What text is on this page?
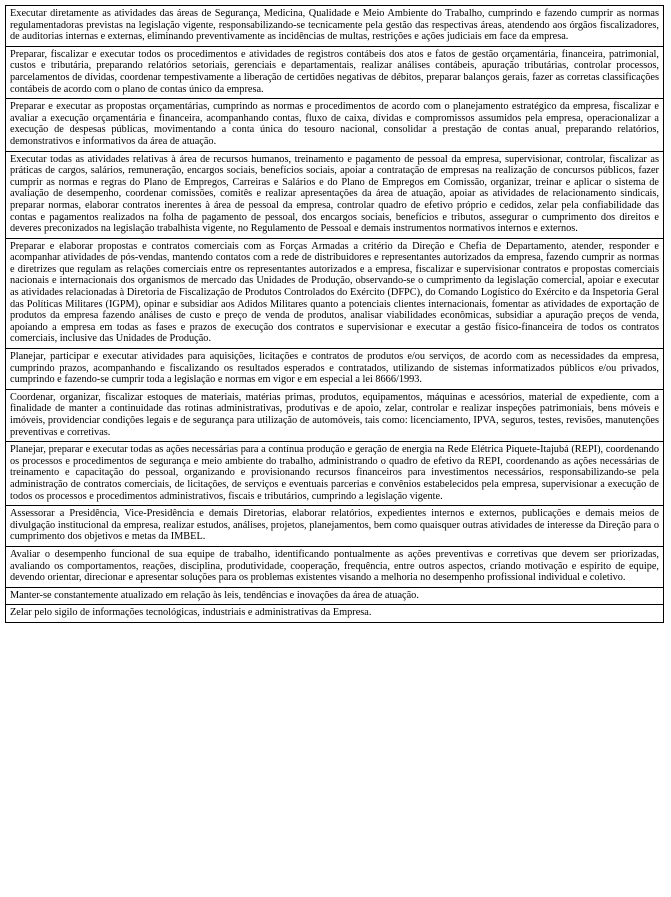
Executar diretamente as atividades das áreas de Segurança, Medicina, Qualidade e Meio Ambiente do Trabalho, cumprindo e fazendo cumprir as normas regulamentadoras previstas na legislação vigente, responsabilizando-se tecnicamente pela gestão das respectivas áreas, atendendo aos órgãos fiscalizadores, de auditorias internas e externas, eliminando preventivamente as incidências de multas, restrições e ações judiciais em face da empresa.
Preparar, fiscalizar e executar todos os procedimentos e atividades de registros contábeis dos atos e fatos de gestão orçamentária, financeira, patrimonial, custos e tributária, preparando relatórios setoriais, gerenciais e departamentais, realizar análises contábeis, apuração tributárias, controlar processos, parcelamentos de dívidas, coordenar tempestivamente a liberação de certidões negativas de débitos, preparar balanços gerais, fazer as corretas classificações contábeis de acordo com o plano de contas único da empresa.
Preparar e executar as propostas orçamentárias, cumprindo as normas e procedimentos de acordo com o planejamento estratégico da empresa, fiscalizar e avaliar a execução orçamentária e financeira, acompanhando contas, fluxo de caixa, dívidas e compromissos assumidos pela empresa, operacionalizar a execução de despesas públicas, movimentando a conta única do tesouro nacional, consolidar a prestação de contas anual, preparando relatórios, demonstrativos e informativos da área de atuação.
Executar todas as atividades relativas à área de recursos humanos, treinamento e pagamento de pessoal da empresa, supervisionar, controlar, fiscalizar as práticas de cargos, salários, remuneração, encargos sociais, benefícios sociais, apoiar a contratação de empresas na realização de concursos públicos, fazer cumprir as normas e regras do Plano de Empregos, Carreiras e Salários e do Plano de Empregos em Comissão, organizar, treinar e aplicar o sistema de avaliação de desempenho, coordenar comissões, comitês e realizar apresentações da área de atuação, apoiar as atividades de relacionamento sindicais, preparar normas, elaborar contratos inerentes à área de pessoal da empresa, controlar quadro de efetivo próprio e cedidos, zelar pela confiabilidade das contas e pagamentos realizados na folha de pagamento de pessoal, dos encargos sociais, benefícios e tributos, assegurar o cumprimento dos direitos e deveres preconizados na legislação trabalhista vigente, no Regulamento de Pessoal e demais instrumentos normativos internos e externos.
Preparar e elaborar propostas e contratos comerciais com as Forças Armadas a critério da Direção e Chefia de Departamento, atender, responder e acompanhar atividades de pós-vendas, mantendo contatos com a rede de distribuidores e representantes autorizados da empresa, fazendo cumprir as normas e diretrizes que regulam as relações comerciais entre os representantes autorizados e a empresa, fiscalizar e supervisionar contratos e propostas comerciais nacionais e internacionais dos organismos de mercado das Unidades de Produção, observando-se o cumprimento da legislação comercial, apoiar e executar as atividades relacionadas à Diretoria de Fiscalização de Produtos Controlados do Exército (DFPC), do Comando Logístico do Exército e da Inspetoria Geral das Políticas Militares (IGPM), opinar e subsidiar aos Adidos Militares quanto a potenciais clientes internacionais, fomentar as atividades de exportação de produtos da empresa fazendo análises de custo e preço de venda de produtos, analisar viabilidades econômicas, subsidiar a apuração preços de venda, apoiando a empresa em todas as fases e prazos de execução dos contratos e supervisionar e executar a gestão físico-financeira de todos os contratos comerciais, inclusive das Unidades de Produção.
Planejar, participar e executar atividades para aquisições, licitações e contratos de produtos e/ou serviços, de acordo com as necessidades da empresa, cumprindo prazos, acompanhando e fiscalizando os resultados esperados e contratados, utilizando de sistemas informatizados públicos e/ou privados, cumprindo e fazendo-se cumprir toda a legislação e normas em vigor e em especial a lei 8666/1993.
Coordenar, organizar, fiscalizar estoques de materiais, matérias primas, produtos, equipamentos, máquinas e acessórios, material de expediente, com a finalidade de manter a continuidade das rotinas administrativas, produtivas e de apoio, zelar, controlar e realizar inspeções patrimoniais, bens móveis e imóveis, providenciar condições legais e de segurança para utilização de automóveis, tais como: licenciamento, IPVA, seguros, testes, revisões, manutenções preventivas e corretivas.
Planejar, preparar e executar todas as ações necessárias para a contínua produção e geração de energia na Rede Elétrica Piquete-Itajubá (REPI), coordenando os processos e procedimentos de segurança e meio ambiente do trabalho, administrando o quadro de efetivo da REPI, coordenando as ações necessárias de treinamento e capacitação do pessoal, organizando e provisionando recursos financeiros para investimentos necessários, responsabilizando-se pela administração de contratos comerciais, de licitações, de serviços e eventuais parcerias e convênios estabelecidos pela empresa, supervisionar a execução de todos os processos e procedimentos administrativos, fiscais e tributários, cumprindo a legislação vigente.
Assessorar a Presidência, Vice-Presidência e demais Diretorias, elaborar relatórios, expedientes internos e externos, publicações e demais meios de divulgação institucional da empresa, realizar estudos, análises, projetos, planejamentos, bem como quaisquer outras atividades de interesse da Direção para o cumprimento dos objetivos e metas da IMBEL.
Avaliar o desempenho funcional de sua equipe de trabalho, identificando pontualmente as ações preventivas e corretivas que devem ser priorizadas, avaliando os comportamentos, reações, disciplina, produtividade, cooperação, frequência, entre outros aspectos, criando motivação e espírito de equipe, devendo orientar, direcionar e apresentar soluções para os problemas existentes visando a melhoria no desempenho profissional individual e coletivo.
Manter-se constantemente atualizado em relação às leis, tendências e inovações da área de atuação.
Zelar pelo sigilo de informações tecnológicas, industriais e administrativas da Empresa.
